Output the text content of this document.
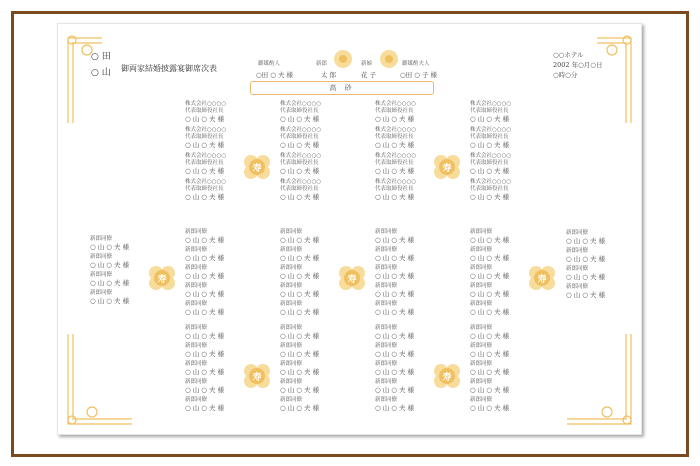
○ 田
○ 山 御両家結婚披露宴御席次表
○○ホテル
2002 年○月○日
○時○分
御媒酌人
○田 ○ 夫 様
新郎
太 郎
新婦
花 子
御媒酌夫人
○田 ○ 子 様
高 砂
株式会社○○○○
代表取締役社長
○ 山 ○ 夫 様
株式会社○○○○
代表取締役社長
○ 山 ○ 夫 様
株式会社○○○○
代表取締役社長
○ 山 ○ 夫 様
株式会社○○○○
代表取締役社長
○ 山 ○ 夫 様
株式会社○○○○
代表取締役社長
○ 山 ○ 夫 様
株式会社○○○○
代表取締役社長
○ 山 ○ 夫 様
株式会社○○○○
代表取締役社長
○ 山 ○ 夫 様
株式会社○○○○
代表取締役社長
○ 山 ○ 夫 様
株式会社○○○○
代表取締役社長
○ 山 ○ 夫 様
株式会社○○○○
代表取締役社長
○ 山 ○ 夫 様
株式会社○○○○
代表取締役社長
○ 山 ○ 夫 様
株式会社○○○○
代表取締役社長
○ 山 ○ 夫 様
株式会社○○○○
代表取締役社長
○ 山 ○ 夫 様
株式会社○○○○
代表取締役社長
○ 山 ○ 夫 様
株式会社○○○○
代表取締役社長
○ 山 ○ 夫 様
株式会社○○○○
代表取締役社長
○ 山 ○ 夫 様
新郎同僚
○ 山 ○ 夫 様
新郎同僚
○ 山 ○ 夫 様
新郎同僚
○ 山 ○ 夫 様
新郎同僚
○ 山 ○ 夫 様
新郎同僚
○ 山 ○ 夫 様
新郎同僚
○ 山 ○ 夫 様
新郎同僚
○ 山 ○ 夫 様
新郎同僚
○ 山 ○ 夫 様
新郎同僚
○ 山 ○ 夫 様
新郎同僚
○ 山 ○ 夫 様
新郎同僚
○ 山 ○ 夫 様
新郎同僚
○ 山 ○ 夫 様
新郎同僚
○ 山 ○ 夫 様
新郎同僚
○ 山 ○ 夫 様
新郎同僚
○ 山 ○ 夫 様
新郎同僚
○ 山 ○ 夫 様
新郎同僚
○ 山 ○ 夫 様
新郎同僚
○ 山 ○ 夫 様
新郎同僚
○ 山 ○ 夫 様
新郎同僚
○ 山 ○ 夫 様
新郎同僚
○ 山 ○ 夫 様
新郎同僚
○ 山 ○ 夫 様
新郎同僚
○ 山 ○ 夫 様
新郎同僚
○ 山 ○ 夫 様
新郎同僚
○ 山 ○ 夫 様
新郎同僚
○ 山 ○ 夫 様
新郎同僚
○ 山 ○ 夫 様
新郎同僚
○ 山 ○ 夫 様
新郎同僚
○ 山 ○ 夫 様
新郎同僚
○ 山 ○ 夫 様
新郎同僚
○ 山 ○ 夫 様
新郎同僚
○ 山 ○ 夫 様
新郎同僚
○ 山 ○ 夫 様
新郎同僚
○ 山 ○ 夫 様
新郎同僚
○ 山 ○ 夫 様
新郎同僚
○ 山 ○ 夫 様
新郎同僚
○ 山 ○ 夫 様
新郎同僚
○ 山 ○ 夫 様
新郎同僚
○ 山 ○ 夫 様
新郎同僚
○ 山 ○ 夫 様
新郎同僚
○ 山 ○ 夫 様
新郎同僚
○ 山 ○ 夫 様
新郎同僚
○ 山 ○ 夫 様
新郎同僚
○ 山 ○ 夫 様
新郎同僚
○ 山 ○ 夫 様
新郎同僚
○ 山 ○ 夫 様
新郎同僚
○ 山 ○ 夫 様
新郎同僚
○ 山 ○ 夫 様
寿	寿
寿	寿	寿
寿	寿
